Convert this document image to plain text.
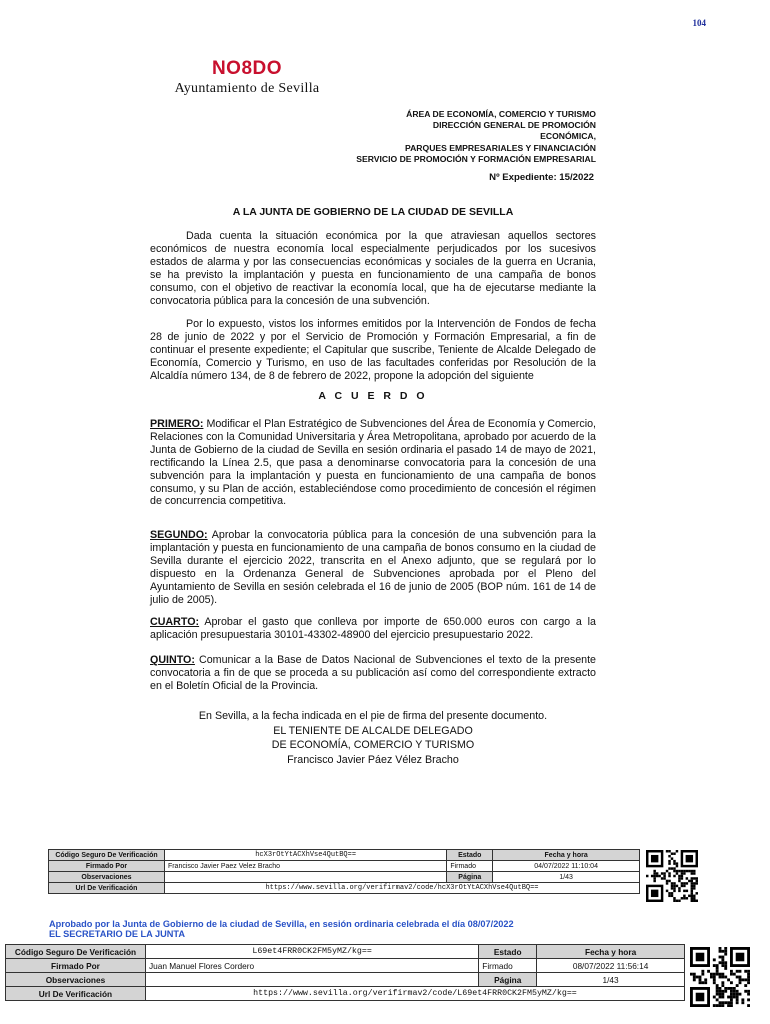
104
NO8DO
Ayuntamiento de Sevilla
ÁREA DE ECONOMÍA, COMERCIO Y TURISMO
DIRECCIÓN GENERAL DE PROMOCIÓN
ECONÓMICA,
PARQUES EMPRESARIALES Y FINANCIACIÓN
SERVICIO DE PROMOCIÓN Y FORMACIÓN EMPRESARIAL
Nº Expediente: 15/2022
A LA JUNTA DE GOBIERNO DE LA CIUDAD DE SEVILLA

Dada cuenta la situación económica por la que atraviesan aquellos sectores económicos de nuestra economía local especialmente perjudicados por los sucesivos estados de alarma y por las consecuencias económicas y sociales de la guerra en Ucrania, se ha previsto la implantación y puesta en funcionamiento de una campaña de bonos consumo, con el objetivo de reactivar la economía local, que ha de ejecutarse mediante la convocatoria pública para la concesión de una subvención.

Por lo expuesto, vistos los informes emitidos por la Intervención de Fondos de fecha 28 de junio de 2022 y por el Servicio de Promoción y Formación Empresarial, a fin de continuar el presente expediente; el Capitular que suscribe, Teniente de Alcalde Delegado de Economía, Comercio y Turismo, en uso de las facultades conferidas por Resolución de la Alcaldía número 134, de 8 de febrero de 2022, propone la adopción del siguiente

A C U E R D O

PRIMERO: Modificar el Plan Estratégico de Subvenciones del Área de Economía y Comercio, Relaciones con la Comunidad Universitaria y Área Metropolitana, aprobado por acuerdo de la Junta de Gobierno de la ciudad de Sevilla en sesión ordinaria el pasado 14 de mayo de 2021, rectificando la Línea 2.5, que pasa a denominarse convocatoria para la concesión de una subvención para la implantación y puesta en funcionamiento de una campaña de bonos consumo, y su Plan de acción, estableciéndose como procedimiento de concesión el régimen de concurrencia competitiva.

SEGUNDO: Aprobar la convocatoria pública para la concesión de una subvención para la implantación y puesta en funcionamiento de una campaña de bonos consumo en la ciudad de Sevilla durante el ejercicio 2022, transcrita en el Anexo adjunto, que se regulará por lo dispuesto en la Ordenanza General de Subvenciones aprobada por el Pleno del Ayuntamiento de Sevilla en sesión celebrada el 16 de junio de 2005 (BOP núm. 161 de 14 de julio de 2005).

CUARTO: Aprobar el gasto que conlleva por importe de 650.000 euros con cargo a la aplicación presupuestaria 30101-43302-48900 del ejercicio presupuestario 2022.

QUINTO: Comunicar a la Base de Datos Nacional de Subvenciones el texto de la presente convocatoria a fin de que se proceda a su publicación así como del correspondiente extracto en el Boletín Oficial de la Provincia.

En Sevilla, a la fecha indicada en el pie de firma del presente documento.
EL TENIENTE DE ALCALDE DELEGADO
DE ECONOMÍA, COMERCIO Y TURISMO
Francisco Javier Páez Vélez Bracho
Código Seguro De Verificación	hcX3rOtYtACXhVse4QutBQ==	Estado	Fecha y hora
Firmado Por	Francisco Javier Paez Velez Bracho	Firmado	04/07/2022 11:10:04
Observaciones		Página	1/43
Url De Verificación	https://www.sevilla.org/verifirmav2/code/hcX3rOtYtACXhVse4QutBQ==		
Aprobado por la Junta de Gobierno de la ciudad de Sevilla, en sesión ordinaria celebrada el día 08/07/2022
EL SECRETARIO DE LA JUNTA
Código Seguro De Verificación	L69et4FRR0CK2FM5yMZ/kg==	Estado	Fecha y hora
Firmado Por	Juan Manuel Flores Cordero	Firmado	08/07/2022 11:56:14
Observaciones		Página	1/43
Url De Verificación	https://www.sevilla.org/verifirmav2/code/L69et4FRR0CK2FM5yMZ/kg==		
